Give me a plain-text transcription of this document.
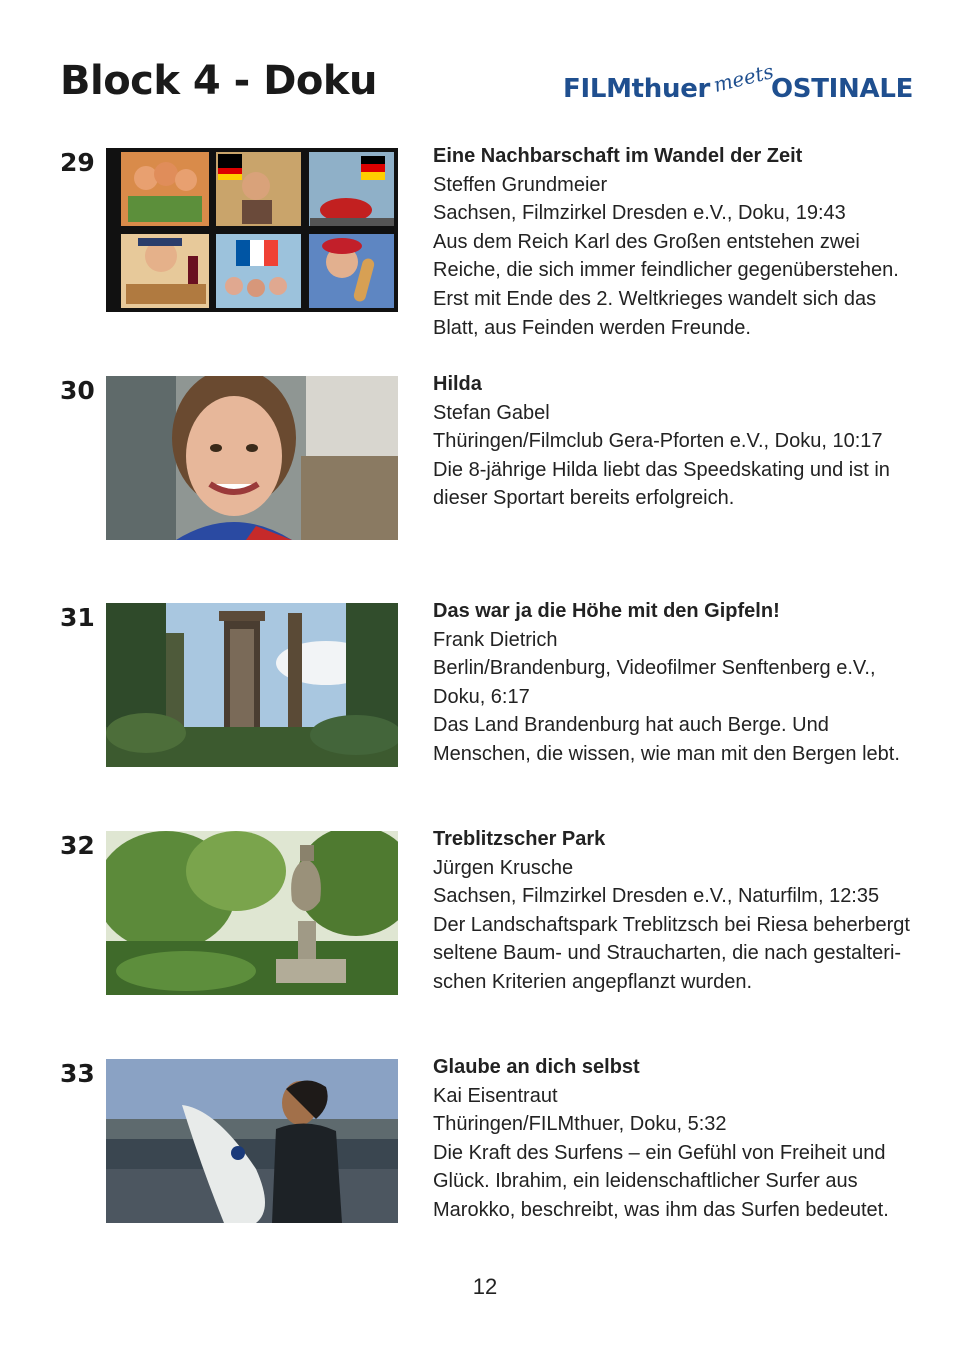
Block 4 - Doku	FILMthuer meets
OSTINALE
29	Eine Nachbarschaft im Wandel der Zeit
Steffen Grundmeier
Sachsen, Filmzirkel Dresden e.V., Doku, 19:43
Aus dem Reich Karl des Großen entstehen zwei
Reiche, die sich immer feindlicher gegenüberstehen.
Erst mit Ende des 2. Weltkrieges wandelt sich das
Blatt, aus Feinden werden Freunde.
30	Hilda
Stefan Gabel
Thüringen/Filmclub Gera-Pforten e.V., Doku, 10:17
Die 8-jährige Hilda liebt das Speedskating und ist in
dieser Sportart bereits erfolgreich.
31	Das war ja die Höhe mit den Gipfeln!
Frank Dietrich
Berlin/Brandenburg, Videofilmer Senftenberg e.V.,
Doku, 6:17
Das Land Brandenburg hat auch Berge. Und
Menschen, die wissen, wie man mit den Bergen lebt.
32	Treblitzscher Park
Jürgen Krusche
Sachsen, Filmzirkel Dresden e.V., Naturfilm, 12:35
Der Landschaftspark Treblitzsch bei Riesa beherbergt
seltene Baum- und Straucharten, die nach gestalteri-
schen Kriterien angepflanzt wurden.
33	Glaube an dich selbst
Kai Eisentraut
Thüringen/FILMthuer, Doku, 5:32
Die Kraft des Surfens – ein Gefühl von Freiheit und
Glück. Ibrahim, ein leidenschaftlicher Surfer aus
Marokko, beschreibt, was ihm das Surfen bedeutet.
12
